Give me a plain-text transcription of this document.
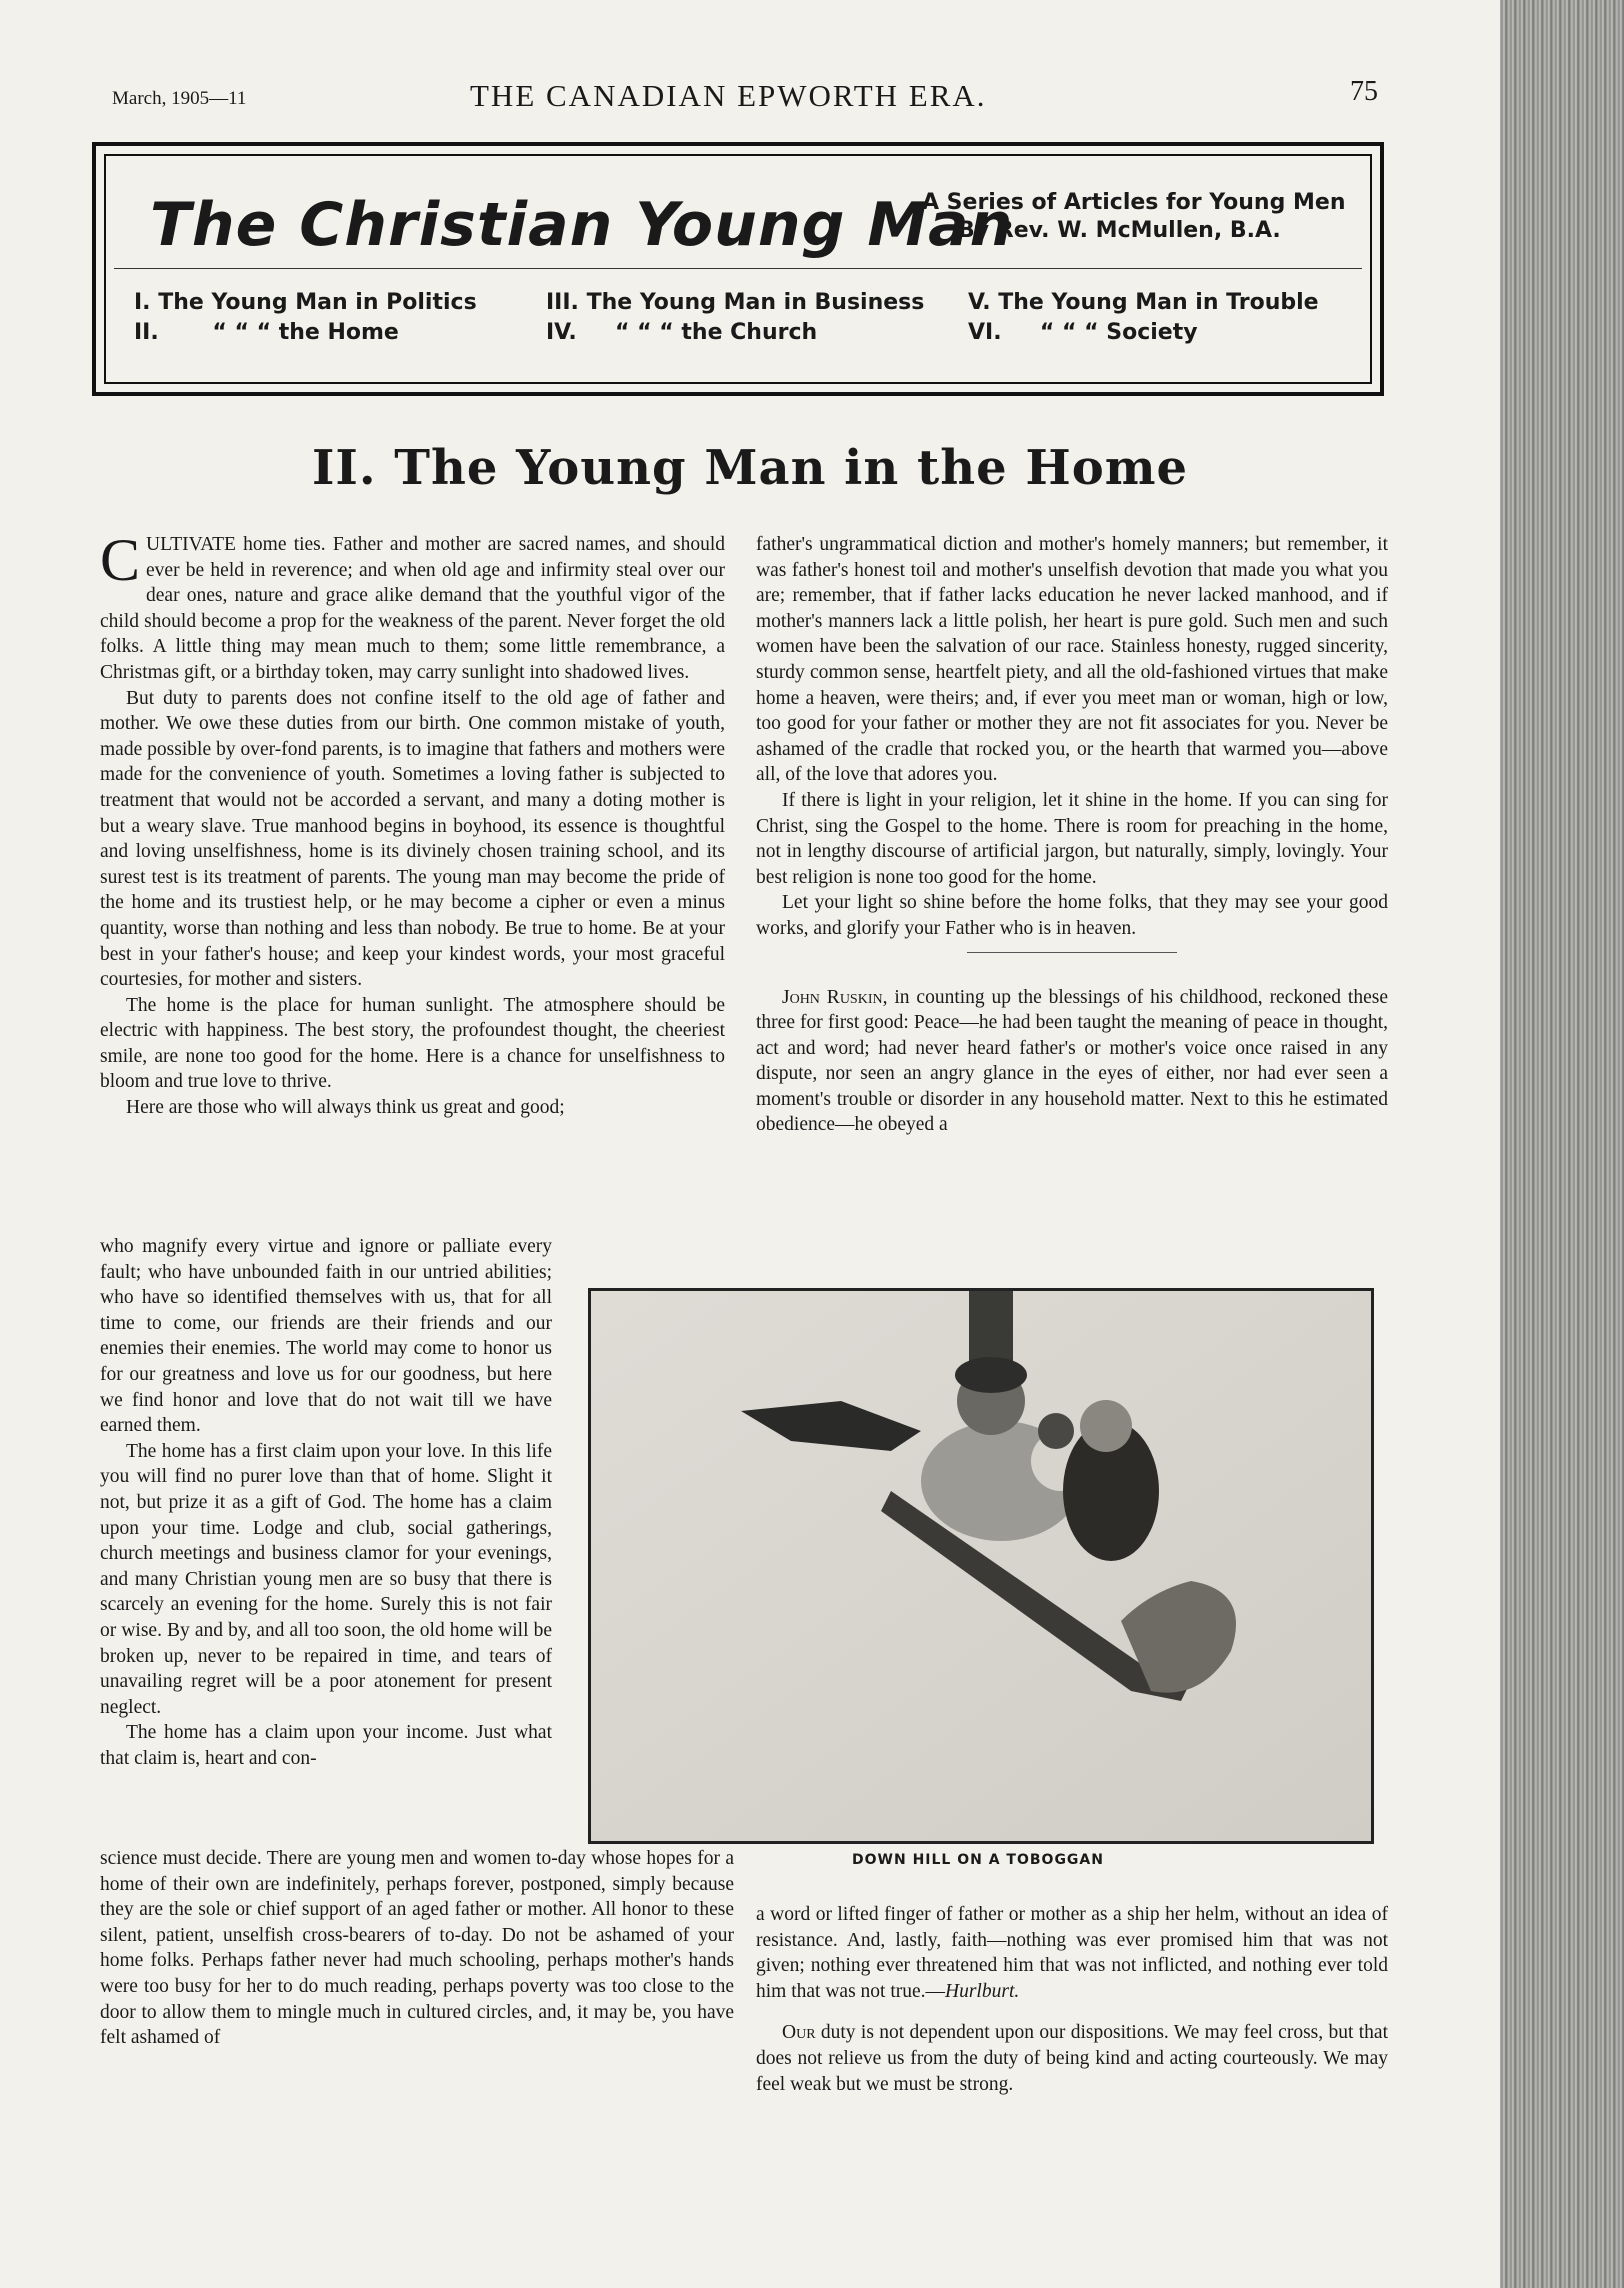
March, 1905—11	THE CANADIAN EPWORTH ERA.	75
The Christian Young Man
A Series of Articles for Young Men
By Rev. W. McMullen, B.A.
I. The Young Man in Politics
II. “ “ “ the Home
III. The Young Man in Business
IV. “ “ “ the Church
V. The Young Man in Trouble
VI. “ “ “ Society
II. The Young Man in the Home

CULTIVATE home ties. Father and mother are sacred names, and should ever be held in reverence; and when old age and infirmity steal over our dear ones, nature and grace alike demand that the youthful vigor of the child should become a prop for the weakness of the parent. Never forget the old folks. A little thing may mean much to them; some little remembrance, a Christmas gift, or a birthday token, may carry sunlight into shadowed lives.

But duty to parents does not confine itself to the old age of father and mother. We owe these duties from our birth. One common mistake of youth, made possible by over-fond parents, is to imagine that fathers and mothers were made for the convenience of youth. Sometimes a loving father is subjected to treatment that would not be accorded a servant, and many a doting mother is but a weary slave. True manhood begins in boyhood, its essence is thoughtful and loving unselfishness, home is its divinely chosen training school, and its surest test is its treatment of parents. The young man may become the pride of the home and its trustiest help, or he may become a cipher or even a minus quantity, worse than nothing and less than nobody. Be true to home. Be at your best in your father's house; and keep your kindest words, your most graceful courtesies, for mother and sisters.

The home is the place for human sunlight. The atmosphere should be electric with happiness. The best story, the profoundest thought, the cheeriest smile, are none too good for the home. Here is a chance for unselfishness to bloom and true love to thrive.

Here are those who will always think us great and good;

who magnify every virtue and ignore or palliate every fault; who have unbounded faith in our untried abilities; who have so identified themselves with us, that for all time to come, our friends are their friends and our enemies their enemies. The world may come to honor us for our greatness and love us for our goodness, but here we find honor and love that do not wait till we have earned them.

The home has a first claim upon your love. In this life you will find no purer love than that of home. Slight it not, but prize it as a gift of God. The home has a claim upon your time. Lodge and club, social gatherings, church meetings and business clamor for your evenings, and many Christian young men are so busy that there is scarcely an evening for the home. Surely this is not fair or wise. By and by, and all too soon, the old home will be broken up, never to be repaired in time, and tears of unavailing regret will be a poor atonement for present neglect.

The home has a claim upon your income. Just what that claim is, heart and con-

science must decide. There are young men and women to-day whose hopes for a home of their own are indefinitely, perhaps forever, postponed, simply because they are the sole or chief support of an aged father or mother. All honor to these silent, patient, unselfish cross-bearers of to-day. Do not be ashamed of your home folks. Perhaps father never had much schooling, perhaps mother's hands were too busy for her to do much reading, perhaps poverty was too close to the door to allow them to mingle much in cultured circles, and, it may be, you have felt ashamed of

father's ungrammatical diction and mother's homely manners; but remember, it was father's honest toil and mother's unselfish devotion that made you what you are; remember, that if father lacks education he never lacked manhood, and if mother's manners lack a little polish, her heart is pure gold. Such men and such women have been the salvation of our race. Stainless honesty, rugged sincerity, sturdy common sense, heartfelt piety, and all the old-fashioned virtues that make home a heaven, were theirs; and, if ever you meet man or woman, high or low, too good for your father or mother they are not fit associates for you. Never be ashamed of the cradle that rocked you, or the hearth that warmed you—above all, of the love that adores you.

If there is light in your religion, let it shine in the home. If you can sing for Christ, sing the Gospel to the home. There is room for preaching in the home, not in lengthy discourse of artificial jargon, but naturally, simply, lovingly. Your best religion is none too good for the home.

Let your light so shine before the home folks, that they may see your good works, and glorify your Father who is in heaven.

John Ruskin, in counting up the blessings of his childhood, reckoned these three for first good: Peace—he had been taught the meaning of peace in thought, act and word; had never heard father's or mother's voice once raised in any dispute, nor seen an angry glance in the eyes of either, nor had ever seen a moment's trouble or disorder in any household matter. Next to this he estimated obedience—he obeyed a

DOWN HILL ON A TOBOGGAN

a word or lifted finger of father or mother as a ship her helm, without an idea of resistance. And, lastly, faith—nothing was ever promised him that was not given; nothing ever threatened him that was not inflicted, and nothing ever told him that was not true.—Hurlburt.

Our duty is not dependent upon our dispositions. We may feel cross, but that does not relieve us from the duty of being kind and acting courteously. We may feel weak but we must be strong.
